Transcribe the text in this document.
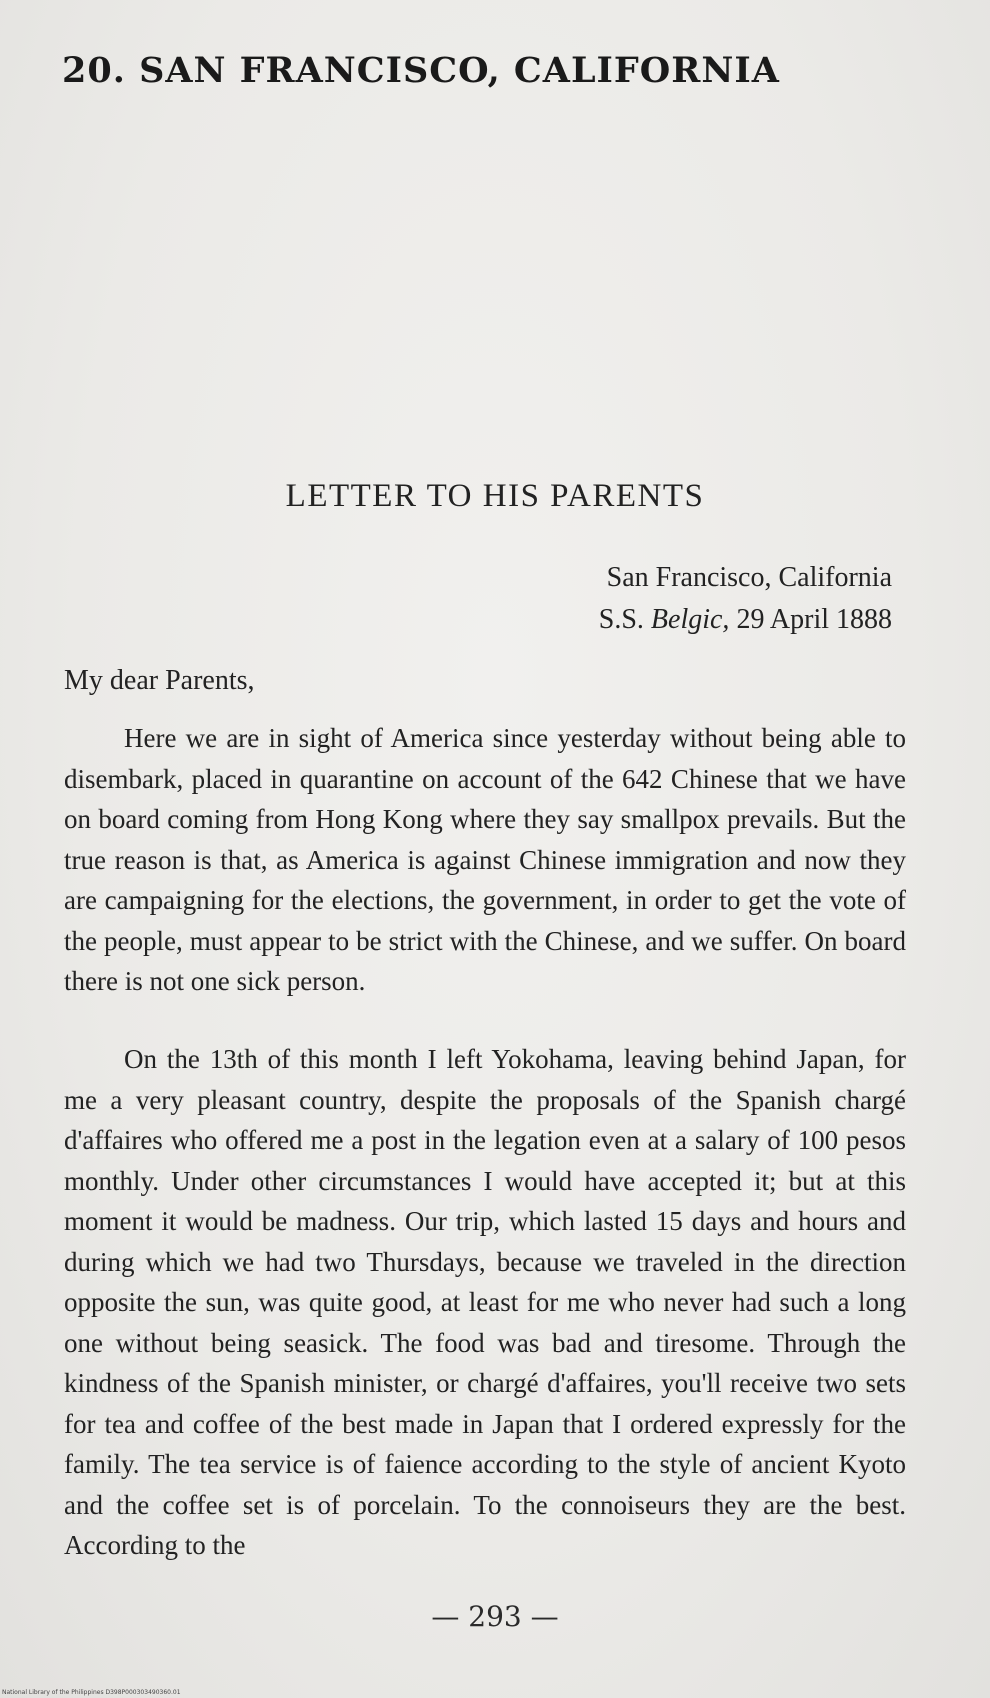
20. SAN FRANCISCO, CALIFORNIA
LETTER TO HIS PARENTS
San Francisco, California
S.S. Belgic, 29 April 1888
My dear Parents,
Here we are in sight of America since yesterday without being able to disembark, placed in quarantine on account of the 642 Chinese that we have on board coming from Hong Kong where they say smallpox prevails. But the true reason is that, as America is against Chinese immigration and now they are campaigning for the elections, the government, in order to get the vote of the people, must appear to be strict with the Chinese, and we suffer. On board there is not one sick person.
On the 13th of this month I left Yokohama, leaving behind Japan, for me a very pleasant country, despite the proposals of the Spanish chargé d'affaires who offered me a post in the legation even at a salary of 100 pesos monthly. Under other circumstances I would have accepted it; but at this moment it would be madness. Our trip, which lasted 15 days and hours and during which we had two Thursdays, because we traveled in the direction opposite the sun, was quite good, at least for me who never had such a long one without being seasick. The food was bad and tiresome. Through the kindness of the Spanish minister, or chargé d'affaires, you'll receive two sets for tea and coffee of the best made in Japan that I ordered expressly for the family. The tea service is of faience according to the style of ancient Kyoto and the coffee set is of porcelain. To the connoiseurs they are the best. According to the
— 293 —
National Library of the Philippines D398P000303490360.01
